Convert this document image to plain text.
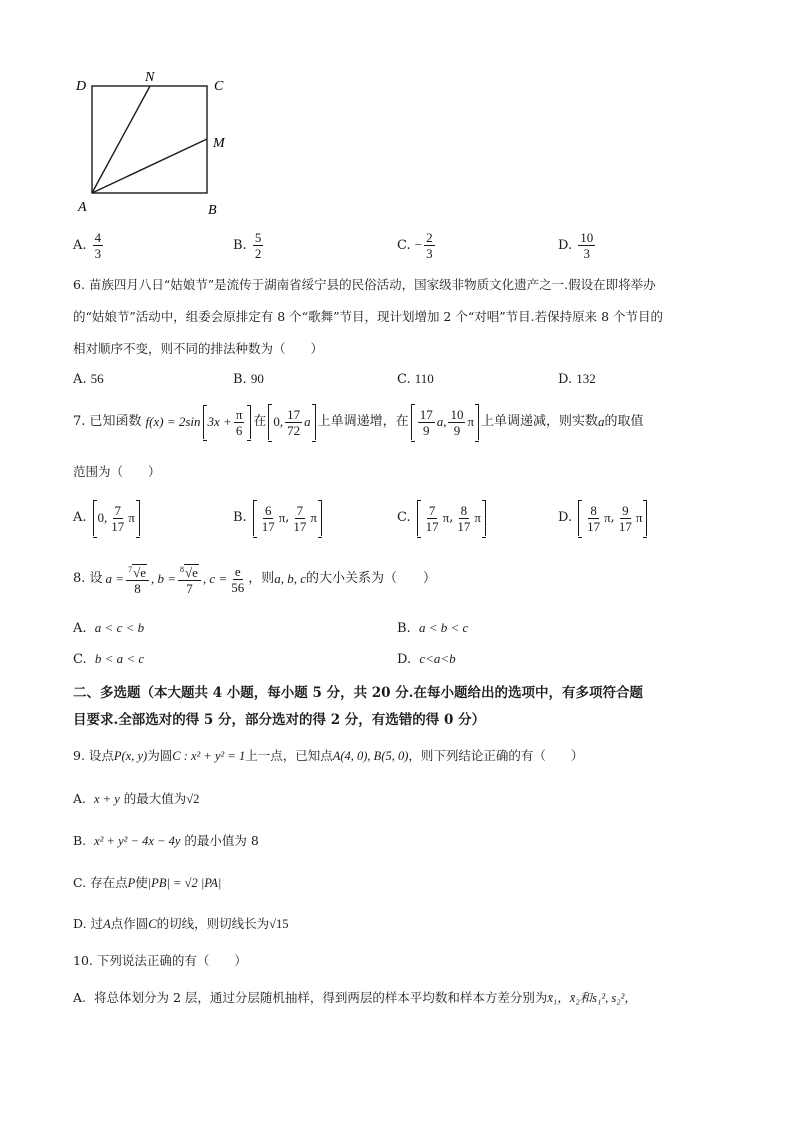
D
N
C
M
A	B
A. $\frac{4}{3}$	B. $\frac{5}{2}$	C. − $\frac{2}{3}$	D. $\frac{10}{3}$
6. 苗族四月八日“姑娘节”是流传于湖南省绥宁县的民俗活动，国家级非物质文化遗产之一.假设在即将举办
的“姑娘节”活动中，组委会原排定有 8 个“歌舞”节目，现计划增加 2 个“对唱”节目.若保持原来 8 个节目的
相对顺序不变，则不同的排法种数为（　　）
A. 56	B. 90	C. 110	D. 132
7. 已知函数 f(x) = 2sin $3x + \frac{\pi}{6}$ 在 0, $\frac{17}{72}$ a 上单调递增，在 $\frac{17}{9} a$, $\frac{10}{9}$ π 上单调递减，则实数 a 的取值
范围为（　　）
A. 0, $\frac{7}{17}$ π	B. $\frac{6}{17}$ π , $\frac{7}{17}$ π	C. $\frac{7}{17}$ π , $\frac{8}{17}$ π	D. $\frac{8}{17}$ π , $\frac{9}{17}$ π
8. 设 $a = \frac{^7√e}{8}$ , $b = \frac{^8√e}{7}$ , $c = \frac{e}{56}$ ，则 a, b, c 的大小关系为（　　）
A. a < c < b	B. a < b < c
C. b < a < c	D. c<a<b
二、多选题（本大题共 4 小题，每小题 5 分，共 20 分.在每小题给出的选项中，有多项符合题
目要求.全部选对的得 5 分，部分选对的得 2 分，有选错的得 0 分）
9. 设点P(x, y)为圆C : x² + y² = 1上一点，已知点A(4, 0), B(5, 0)，则下列结论正确的有（　　）
A. x + y 的最大值为√2
B. x² + y² − 4x − 4y 的最小值为 8
C. 存在点P使|PB| = √2 |PA|
D. 过A点作圆C的切线，则切线长为√15
10. 下列说法正确的有（　　）
A. 将总体划分为 2 层，通过分层随机抽样，得到两层的样本平均数和样本方差分别为x̄₁，x̄₂和s₁², s₂²，
